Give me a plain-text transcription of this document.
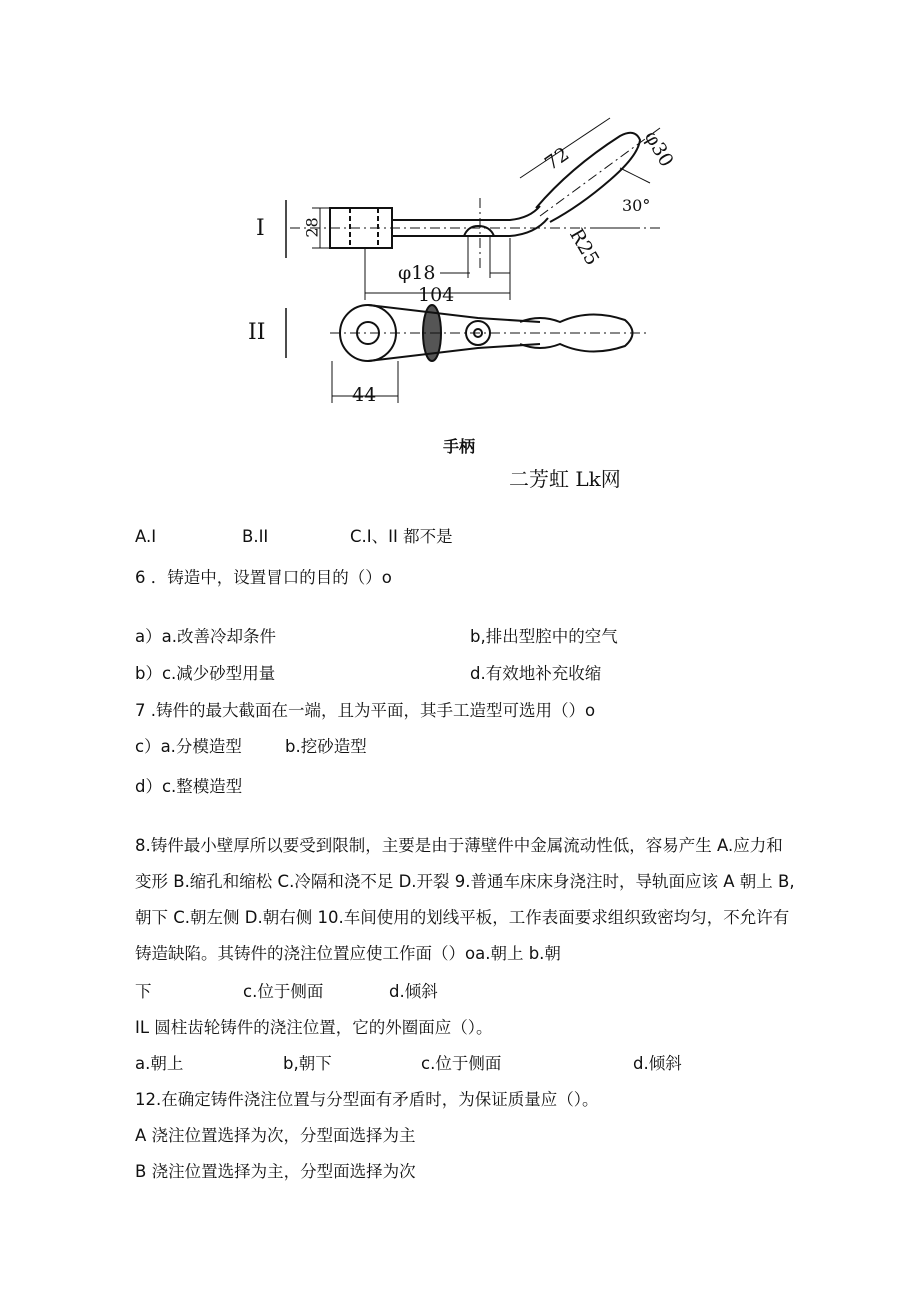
φ30
72
30°
R25
28
φ18
104
44
I
II
手柄
二芳虹 Lk网
A.I	B.II	C.I、II 都不是
6 ．铸造中，设置冒口的目的（）o
a）a.改善冷却条件	b,排出型腔中的空气
b）c.减少砂型用量	d.有效地补充收缩
7 .铸件的最大截面在一端，且为平面，其手工造型可选用（）o
c）a.分模造型	b.挖砂造型
d）c.整模造型
8.铸件最小壁厚所以要受到限制，主要是由于薄壁件中金属流动性低，容易产生 A.应力和变形 B.缩孔和缩松 C.冷隔和浇不足 D.开裂 9.普通车床床身浇注时，导轨面应该 A 朝上 B,朝下 C.朝左侧 D.朝右侧 10.车间使用的划线平板，工作表面要求组织致密均匀，不允许有铸造缺陷。其铸件的浇注位置应使工作面（）oa.朝上 b.朝
下	c.位于侧面	d.倾斜
IL 圆柱齿轮铸件的浇注位置，它的外圈面应（）。
a.朝上	b,朝下	c.位于侧面	d.倾斜
12.在确定铸件浇注位置与分型面有矛盾时，为保证质量应（）。
A 浇注位置选择为次，分型面选择为主
B 浇注位置选择为主，分型面选择为次
